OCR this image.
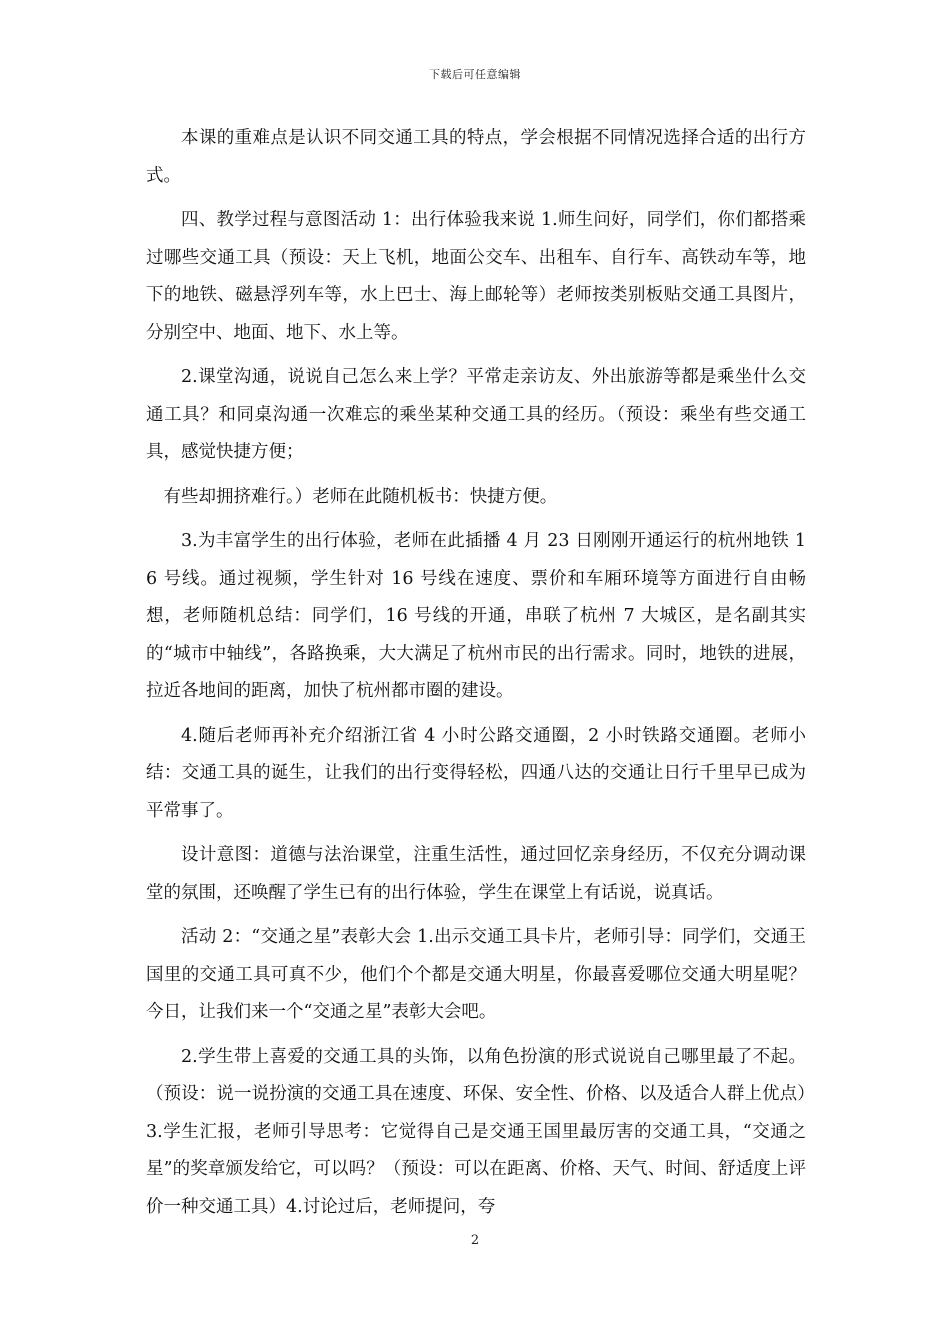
下载后可任意编辑

本课的重难点是认识不同交通工具的特点，学会根据不同情况选择合适的出行方式。

四、教学过程与意图活动 1：出行体验我来说 1.师生问好，同学们，你们都搭乘过哪些交通工具（预设：天上飞机，地面公交车、出租车、自行车、高铁动车等，地下的地铁、磁悬浮列车等，水上巴士、海上邮轮等）老师按类别板贴交通工具图片，分别空中、地面、地下、水上等。

2.课堂沟通，说说自己怎么来上学？平常走亲访友、外出旅游等都是乘坐什么交通工具？和同桌沟通一次难忘的乘坐某种交通工具的经历。（预设：乘坐有些交通工具，感觉快捷方便；

有些却拥挤难行。）老师在此随机板书：快捷方便。

3.为丰富学生的出行体验，老师在此插播 4 月 23 日刚刚开通运行的杭州地铁 16 号线。通过视频，学生针对 16 号线在速度、票价和车厢环境等方面进行自由畅想，老师随机总结：同学们，16 号线的开通，串联了杭州 7 大城区，是名副其实的“城市中轴线”，各路换乘，大大满足了杭州市民的出行需求。同时，地铁的进展，拉近各地间的距离，加快了杭州都市圈的建设。

4.随后老师再补充介绍浙江省 4 小时公路交通圈，2 小时铁路交通圈。老师小结：交通工具的诞生，让我们的出行变得轻松，四通八达的交通让日行千里早已成为平常事了。

设计意图：道德与法治课堂，注重生活性，通过回忆亲身经历，不仅充分调动课堂的氛围，还唤醒了学生已有的出行体验，学生在课堂上有话说，说真话。

活动 2：“交通之星”表彰大会 1.出示交通工具卡片，老师引导：同学们，交通王国里的交通工具可真不少，他们个个都是交通大明星，你最喜爱哪位交通大明星呢？今日，让我们来一个“交通之星”表彰大会吧。

2.学生带上喜爱的交通工具的头饰，以角色扮演的形式说说自己哪里最了不起。（预设：说一说扮演的交通工具在速度、环保、安全性、价格、以及适合人群上优点）3.学生汇报，老师引导思考：它觉得自己是交通王国里最厉害的交通工具，“交通之星”的奖章颁发给它，可以吗？（预设：可以在距离、价格、天气、时间、舒适度上评价一种交通工具）4.讨论过后，老师提问，夸

2
